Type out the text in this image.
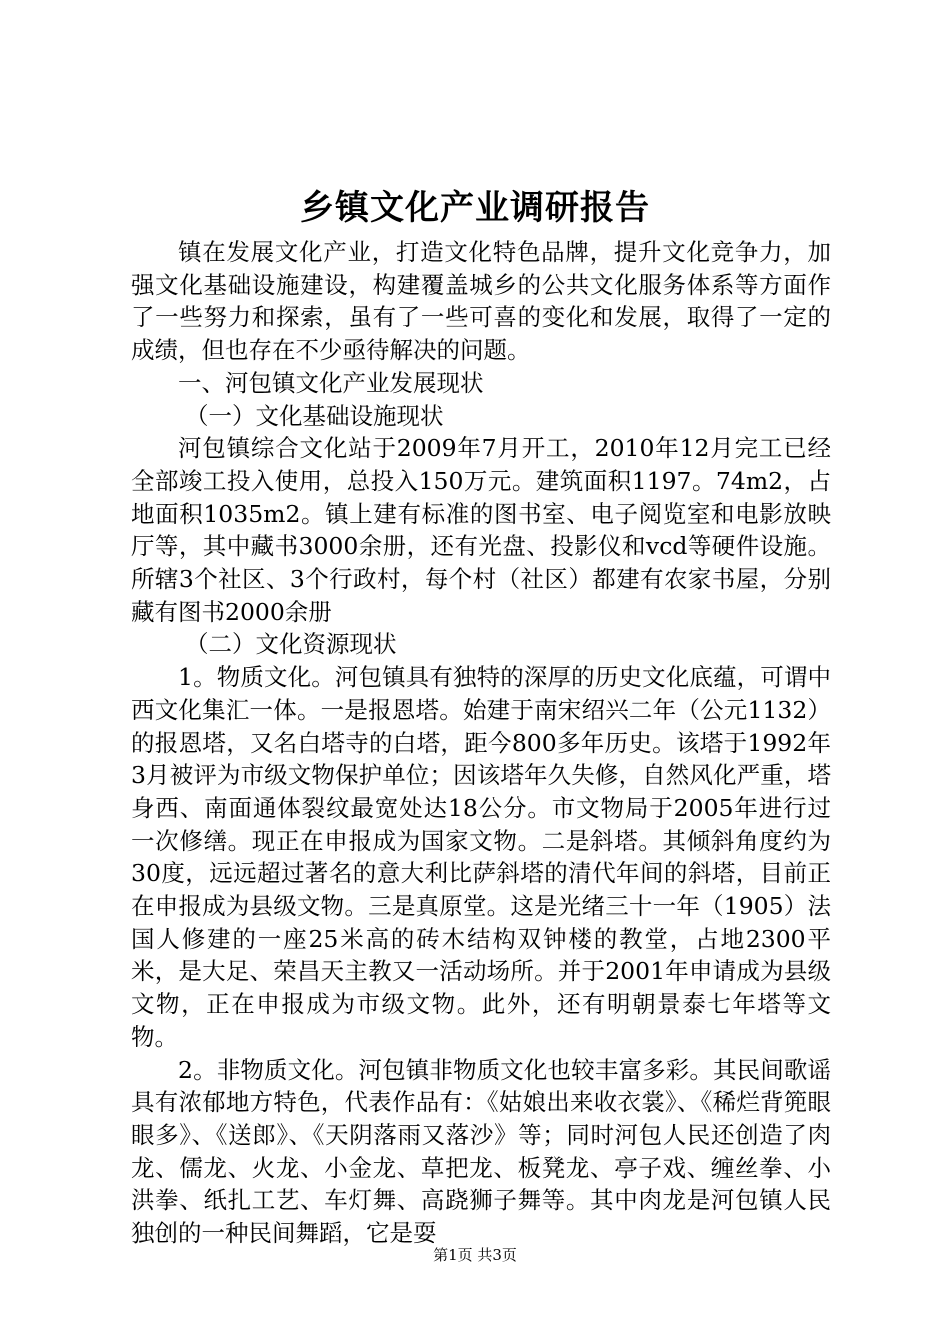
乡镇文化产业调研报告

镇在发展文化产业，打造文化特色品牌，提升文化竞争力，加强文化基础设施建设，构建覆盖城乡的公共文化服务体系等方面作了一些努力和探索，虽有了一些可喜的变化和发展，取得了一定的成绩，但也存在不少亟待解决的问题。

一、河包镇文化产业发展现状

（一）文化基础设施现状

河包镇综合文化站于2009年7月开工，2010年12月完工已经全部竣工投入使用，总投入150万元。建筑面积1197。74m2，占地面积1035m2。镇上建有标准的图书室、电子阅览室和电影放映厅等，其中藏书3000余册，还有光盘、投影仪和vcd等硬件设施。所辖3个社区、3个行政村，每个村（社区）都建有农家书屋，分别藏有图书2000余册

（二）文化资源现状

1。物质文化。河包镇具有独特的深厚的历史文化底蕴，可谓中西文化集汇一体。一是报恩塔。始建于南宋绍兴二年（公元1132）的报恩塔，又名白塔寺的白塔，距今800多年历史。该塔于1992年3月被评为市级文物保护单位；因该塔年久失修，自然风化严重，塔身西、南面通体裂纹最宽处达18公分。市文物局于2005年进行过一次修缮。现正在申报成为国家文物。二是斜塔。其倾斜角度约为30度，远远超过著名的意大利比萨斜塔的清代年间的斜塔，目前正在申报成为县级文物。三是真原堂。这是光绪三十一年（1905）法国人修建的一座25米高的砖木结构双钟楼的教堂，占地2300平米，是大足、荣昌天主教又一活动场所。并于2001年申请成为县级文物，正在申报成为市级文物。此外，还有明朝景泰七年塔等文物。

2。非物质文化。河包镇非物质文化也较丰富多彩。其民间歌谣具有浓郁地方特色，代表作品有：《姑娘出来收衣裳》、《稀烂背篼眼眼多》、《送郎》、《天阴落雨又落沙》等；同时河包人民还创造了肉龙、儒龙、火龙、小金龙、草把龙、板凳龙、亭子戏、缠丝拳、小洪拳、纸扎工艺、车灯舞、高跷狮子舞等。其中肉龙是河包镇人民独创的一种民间舞蹈，它是耍

第1页 共3页
